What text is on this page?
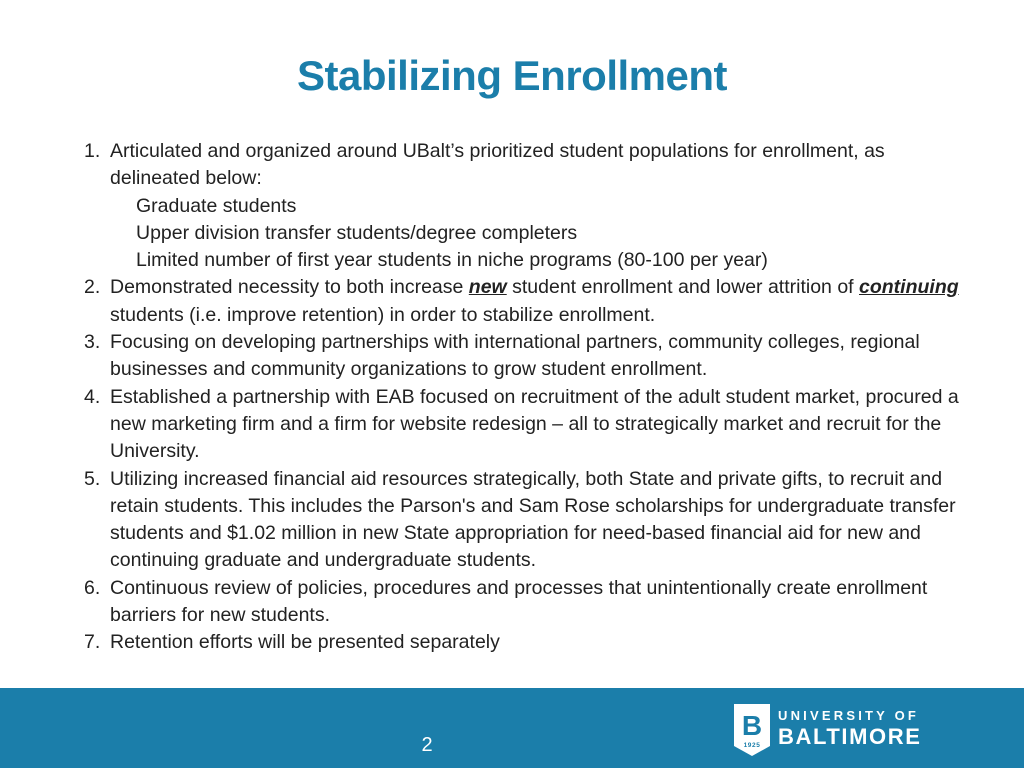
Stabilizing Enrollment
1. Articulated and organized around UBalt’s prioritized student populations for enrollment, as delineated below:
Graduate students
Upper division transfer students/degree completers
Limited number of first year students in niche programs (80-100 per year)
2. Demonstrated necessity to both increase new student enrollment and lower attrition of continuing students (i.e. improve retention) in order to stabilize enrollment.
3. Focusing on developing partnerships with international partners, community colleges, regional businesses and community organizations to grow student enrollment.
4. Established a partnership with EAB focused on recruitment of the adult student market, procured a new marketing firm and a firm for website redesign – all to strategically market and recruit for the University.
5. Utilizing increased financial aid resources strategically, both State and private gifts, to recruit and retain students. This includes the Parson's and Sam Rose scholarships for undergraduate transfer students and $1.02 million in new State appropriation for need-based financial aid for new and continuing graduate and undergraduate students.
6. Continuous review of policies, procedures and processes that unintentionally create enrollment barriers for new students.
7. Retention efforts will be presented separately
2
B
1925
UNIVERSITY OF
BALTIMORE
